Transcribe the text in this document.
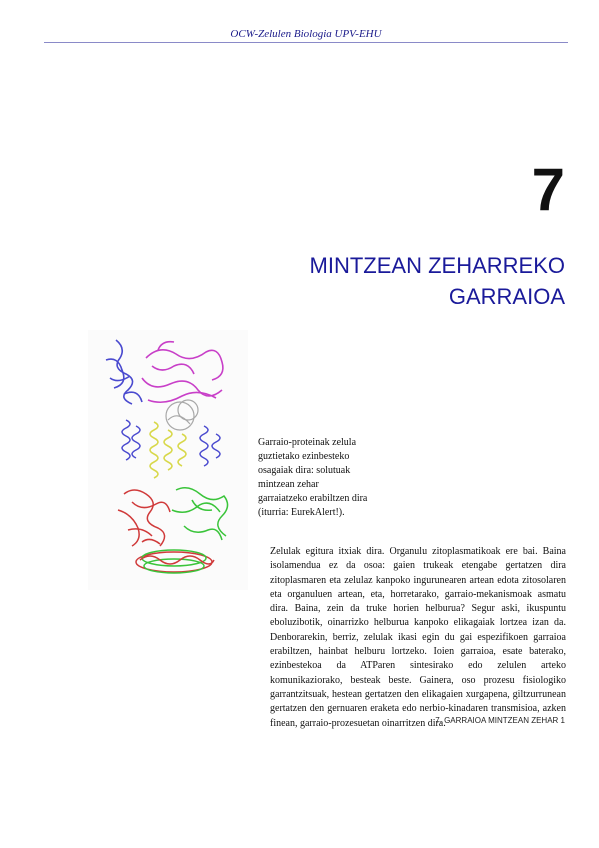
OCW-Zelulen Biologia UPV-EHU
7
MINTZEAN ZEHARREKO
GARRAIOA
Garraio-proteinak zelula
guztietako ezinbesteko
osagaiak dira: solutuak
mintzean zehar
garraiatzeko erabiltzen dira
(iturria: EurekAlert!).
Zelulak egitura itxiak dira. Organulu zitoplasmatikoak ere bai. Baina isolamendua ez da osoa: gaien trukeak etengabe gertatzen dira zitoplasmaren eta zelulaz kanpoko ingurunearen artean edota zitosolaren eta organuluen artean, eta, horretarako, garraio-mekanismoak asmatu dira. Baina, zein da truke horien helburua? Segur aski, ikuspuntu eboluzibotik, oinarrizko helburua kanpoko elikagaiak lortzea izan da. Denborarekin, berriz, zelulak ikasi egin du gai espezifikoen garraioa erabiltzen, hainbat helburu lortzeko. Ioien garraioa, esate baterako, ezinbestekoa da ATParen sintesirako edo zelulen arteko komunikaziorako, besteak beste. Gainera, oso prozesu fisiologiko garrantzitsuak, hestean gertatzen den elikagaien xurgapena, giltzurrunean gertatzen den gernuaren eraketa edo nerbio-kinadaren transmisioa, azken finean, garraio-prozesuetan oinarritzen dira.
7. GARRAIOA MINTZEAN ZEHAR 1
